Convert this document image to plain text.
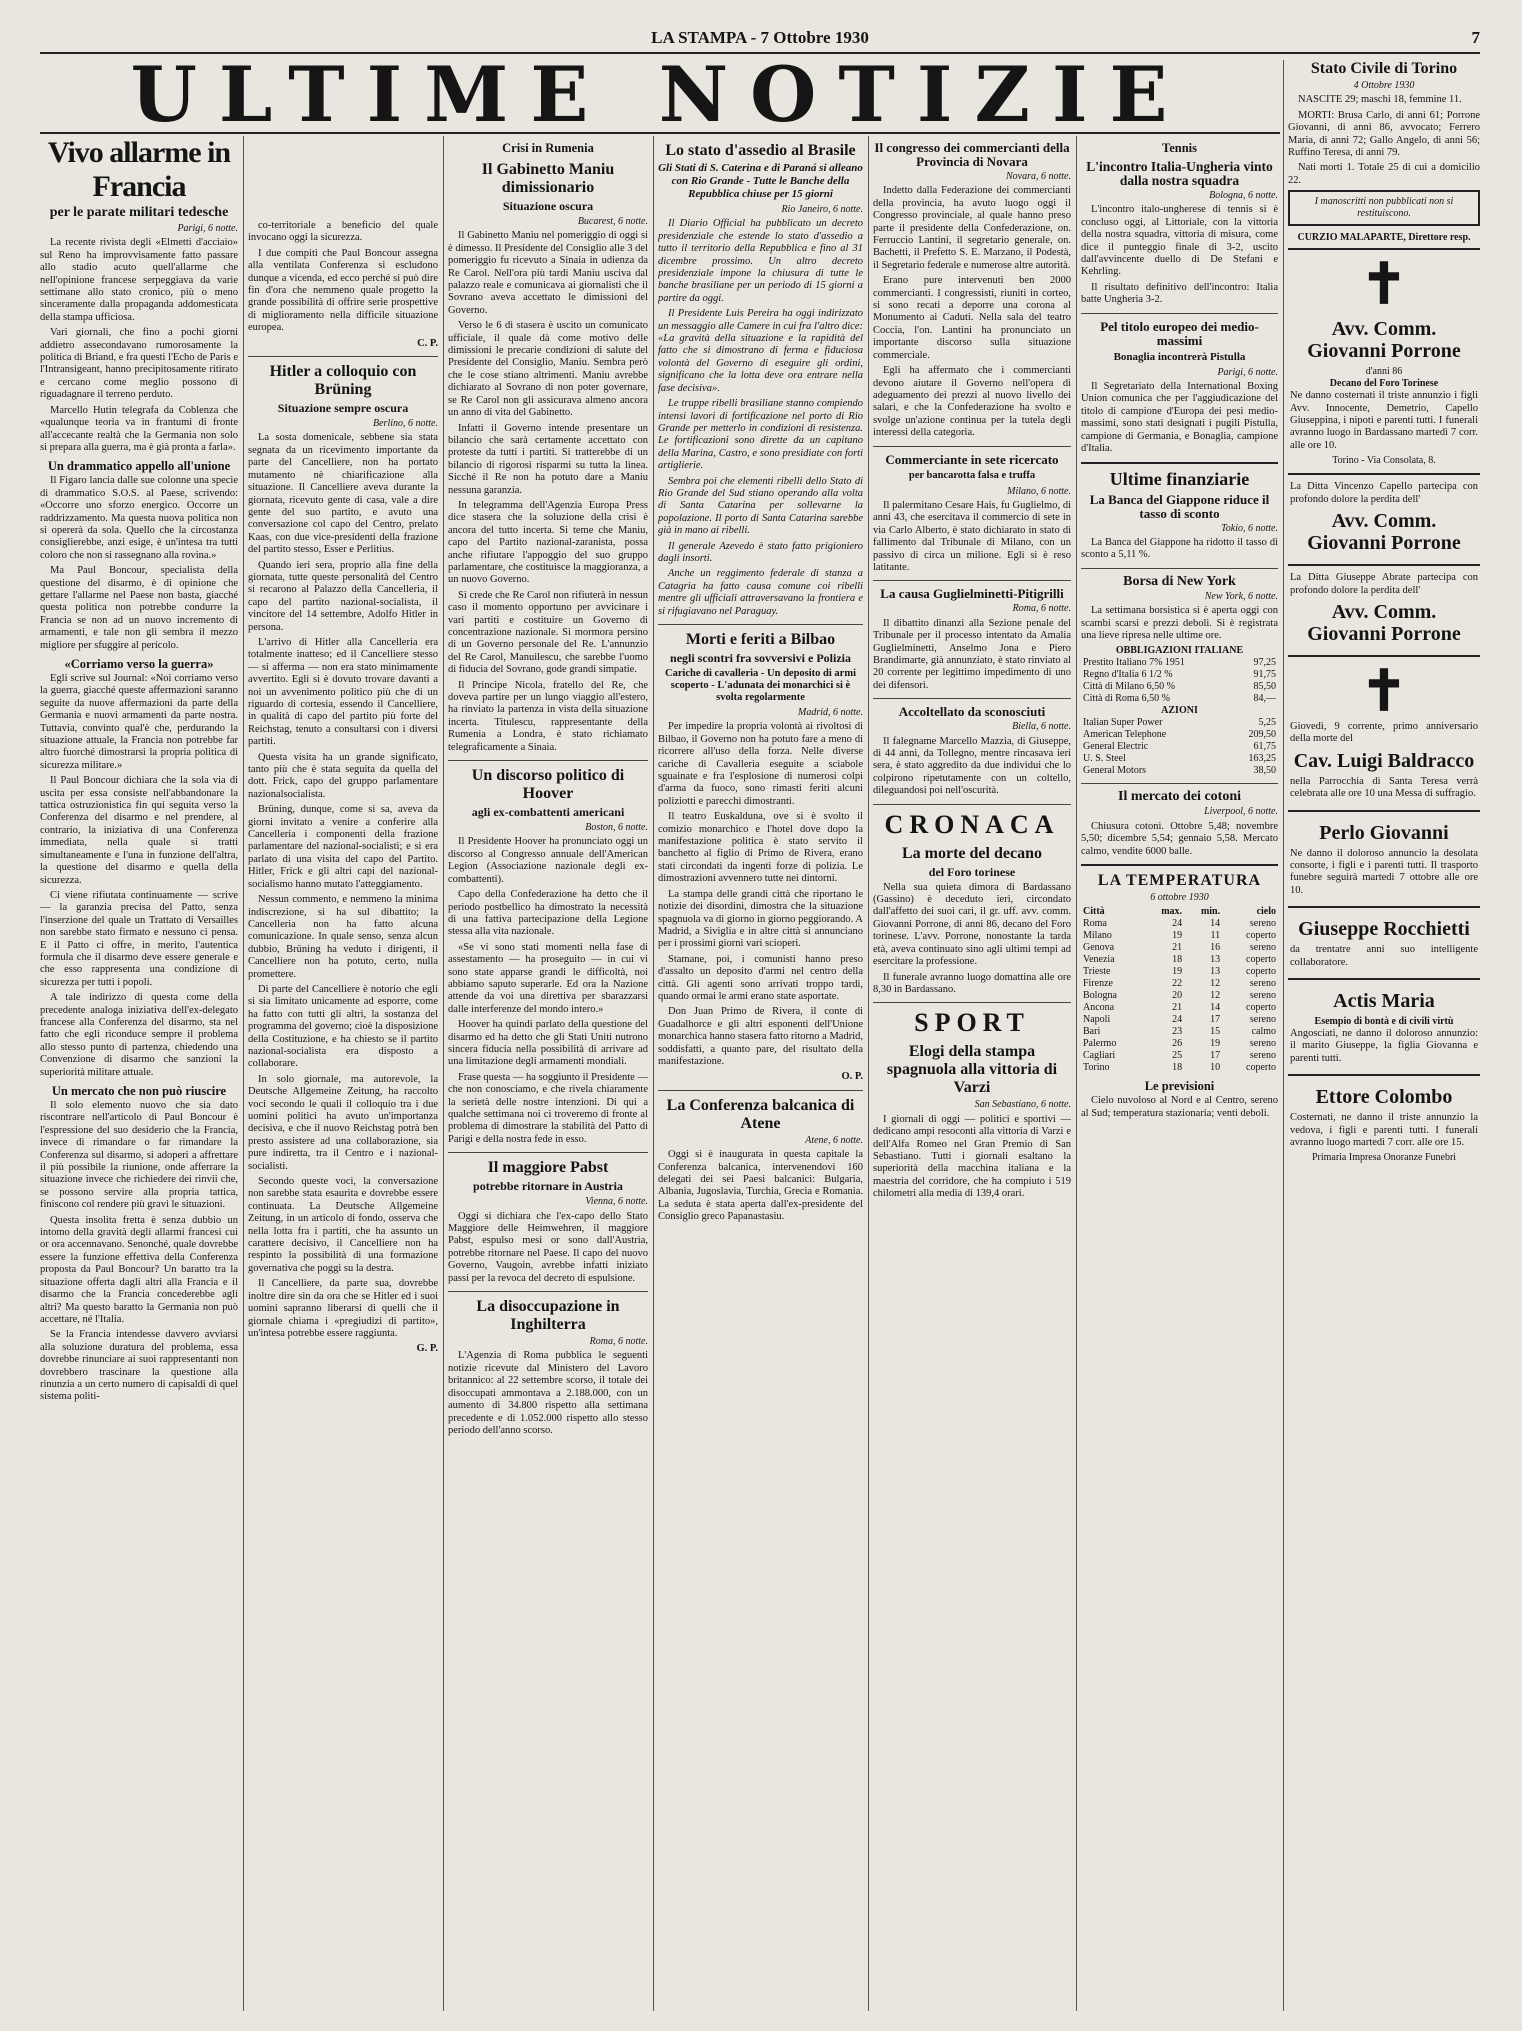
LA STAMPA - 7 Ottobre 1930	7
ULTIME NOTIZIE
Vivo allarme in Francia
per le parate militari tedesche
Parigi, 6 notte.

La recente rivista degli «Elmetti d'acciaio» sul Reno ha improvvisamente fatto passare allo stadio acuto quell'allarme che nell'opinione francese serpeggiava da varie settimane allo stato cronico, più o meno sinceramente dalla propaganda addomesticata della stampa ufficiosa.

Vari giornali, che fino a pochi giorni addietro assecondavano rumorosamente la politica di Briand, e fra questi l'Echo de Paris e l'Intransigeant, hanno precipitosamente ritirato e cercano come meglio possono di riguadagnare il terreno perduto.

Marcello Hutin telegrafa da Coblenza che «qualunque teoria va in frantumi di fronte all'accecante realtà che la Germania non solo si prepara alla guerra, ma è già pronta a farla».

Un drammatico appello all'unione

Il Figaro lancia dalle sue colonne una specie di drammatico S.O.S. al Paese, scrivendo: «Occorre uno sforzo energico. Occorre un raddrizzamento. Ma questa nuova politica non si opererà da sola. Quello che la circostanza consiglierebbe, anzi esige, è un'intesa tra tutti coloro che non si rassegnano alla rovina.»

Ma Paul Boncour, specialista della questione del disarmo, è di opinione che gettare l'allarme nel Paese non basta, giacché questa politica non potrebbe condurre la Francia se non ad un nuovo incremento di armamenti, e tale non gli sembra il mezzo migliore per sfuggire al pericolo.

«Corriamo verso la guerra»

Egli scrive sul Journal: «Noi corriamo verso la guerra, giacché queste affermazioni saranno seguite da nuove affermazioni da parte della Germania e nuovi armamenti da parte nostra. Tuttavia, convinto qual'è che, perdurando la situazione attuale, la Francia non potrebbe far altro fuorché dimostrarsi la propria politica di sicurezza militare.»

Il Paul Boncour dichiara che la sola via di uscita per essa consiste nell'abbandonare la tattica ostruzionistica fin qui seguita verso la Conferenza del disarmo e nel prendere, al contrario, la iniziativa di una Conferenza immediata, nella quale si tratti simultaneamente e l'una in funzione dell'altra, la questione del disarmo e quella della sicurezza.

Ci viene rifiutata continuamente — scrive — la garanzia precisa del Patto, senza l'inserzione del quale un Trattato di Versailles non sarebbe stato firmato e nessuno ci pensa. E il Patto ci offre, in merito, l'autentica formula che il disarmo deve essere generale e che esso rappresenta una condizione di sicurezza per tutti i popoli.

A tale indirizzo di questa come della precedente analoga iniziativa dell'ex-delegato francese alla Conferenza del disarmo, sta nel fatto che egli riconduce sempre il problema allo stesso punto di partenza, chiedendo una Convenzione di disarmo che sanzioni la superiorità militare attuale.

Un mercato che non può riuscire

Il solo elemento nuovo che sia dato riscontrare nell'articolo di Paul Boncour è l'espressione del suo desiderio che la Francia, invece di rimandare o far rimandare la Conferenza sul disarmo, si adoperi a affrettare il più possibile la riunione, onde afferrare la situazione invece che richiedere dei rinvii che, se possono servire alla propria tattica, finiscono col rendere più gravi le situazioni.

Questa insolita fretta è senza dubbio un intomo della gravità degli allarmi francesi cui or ora accennavano. Senonché, quale dovrebbe essere la funzione effettiva della Conferenza proposta da Paul Boncour? Un baratto tra la situazione offerta dagli altri alla Francia e il disarmo che la Francia concederebbe agli altri? Ma questo baratto la Germania non può accettare, né l'Italia.

Se la Francia intendesse davvero avviarsi alla soluzione duratura del problema, essa dovrebbe rinunciare ai suoi rappresentanti non dovrebbero trascinare la questione alla rinunzia a un certo numero di capisaldi di quel sistema politi-

co-territoriale a beneficio del quale invocano oggi la sicurezza.

I due compiti che Paul Boncour assegna alla ventilata Conferenza si escludono dunque a vicenda, ed ecco perché si può dire fin d'ora che nemmeno quale progetto la grande possibilità di offrire serie prospettive di miglioramento nella difficile situazione europea.

C. P.
Hitler a colloquio con Brüning
Situazione sempre oscura
Berlino, 6 notte.

La sosta domenicale, sebbene sia stata segnata da un ricevimento importante da parte del Cancelliere, non ha portato mutamento nè chiarificazione alla situazione. Il Cancelliere aveva durante la giornata, ricevuto gente di casa, vale a dire gente del suo partito, e avuto una conversazione col capo del Centro, prelato Kaas, con due vice-presidenti della frazione del partito stesso, Esser e Perlitius.

Quando ieri sera, proprio alla fine della giornata, tutte queste personalità del Centro si recarono al Palazzo della Cancelleria, il capo del partito nazional-socialista, il vincitore del 14 settembre, Adolfo Hitler in persona.

L'arrivo di Hitler alla Cancelleria era totalmente inatteso; ed il Cancelliere stesso — si afferma — non era stato minimamente avvertito. Egli si è dovuto trovare davanti a noi un avvenimento politico più che di un riguardo di cortesia, essendo il Cancelliere, in qualità di capo del partito più forte del Reichstag, tenuto a consultarsi con i diversi partiti.

Questa visita ha un grande significato, tanto più che è stata seguita da quella del dott. Frick, capo del gruppo parlamentare nazionalsocialista.

Brüning, dunque, come si sa, aveva da giorni invitato a venire a conferire alla Cancelleria i componenti della frazione parlamentare del nazional-socialisti; e si era parlato di una visita del capo del Partito. Hitler, Frick e gli altri capi del nazional-socialismo hanno mutato l'atteggiamento.

Nessun commento, e nemmeno la minima indiscrezione, si ha sul dibattito; la Cancelleria non ha fatto alcuna comunicazione. In quale senso, senza alcun dubbio, Brüning ha veduto i dirigenti, il Cancelliere non ha potuto, certo, nulla promettere.

Di parte del Cancelliere è notorio che egli si sia limitato unicamente ad esporre, come ha fatto con tutti gli altri, la sostanza del programma del governo; cioè la disposizione della Costituzione, e ha chiesto se il partito nazional-socialista era disposto a collaborare.

In solo giornale, ma autorevole, la Deutsche Allgemeine Zeitung, ha raccolto voci secondo le quali il colloquio tra i due uomini politici ha avuto un'importanza decisiva, e che il nuovo Reichstag potrà ben presto assistere ad una collaborazione, sia pure indiretta, tra il Centro e i nazional-socialisti.

Secondo queste voci, la conversazione non sarebbe stata esaurita e dovrebbe essere continuata. La Deutsche Allgemeine Zeitung, in un articolo di fondo, osserva che nella lotta fra i partiti, che ha assunto un carattere decisivo, il Cancelliere non ha respinto la possibilità di una formazione governativa che poggi su la destra.

Il Cancelliere, da parte sua, dovrebbe inoltre dire sin da ora che se Hitler ed i suoi uomini sapranno liberarsi di quelli che il giornale chiama i «pregiudizi di partito», un'intesa potrebbe essere raggiunta.

G. P.
Crisi in Rumenia
Il Gabinetto Maniu dimissionario
Situazione oscura
Bucarest, 6 notte.

Il Gabinetto Maniu nel pomeriggio di oggi si è dimesso. Il Presidente del Consiglio alle 3 del pomeriggio fu ricevuto a Sinaia in udienza da Re Carol. Nell'ora più tardi Maniu usciva dal palazzo reale e comunicava ai giornalisti che il Sovrano aveva accettato le dimissioni del Governo.

Verso le 6 di stasera è uscito un comunicato ufficiale, il quale dà come motivo delle dimissioni le precarie condizioni di salute del Presidente del Consiglio, Maniu. Sembra però che le cose stiano altrimenti. Maniu avrebbe dichiarato al Sovrano di non poter governare, se Re Carol non gli assicurava almeno ancora un anno di vita del Gabinetto.

Infatti il Governo intende presentare un bilancio che sarà certamente accettato con proteste da tutti i partiti. Si tratterebbe di un bilancio di rigorosi risparmi su tutta la linea. Sicché il Re non ha potuto dare a Maniu nessuna garanzia.

In telegramma dell'Agenzia Europa Press dice stasera che la soluzione della crisi è ancora del tutto incerta. Si teme che Maniu, capo del Partito nazional-zaranista, possa anche rifiutare l'appoggio del suo gruppo parlamentare, che costituisce la maggioranza, a un nuovo Governo.

Si crede che Re Carol non rifiuterà in nessun caso il momento opportuno per avvicinare i vari partiti e costituire un Governo di concentrazione nazionale. Si mormora persino di un Governo personale del Re. L'annunzio del Re Carol, Manuilescu, che sarebbe l'uomo di fiducia del Sovrano, gode grandi simpatie.

Il Principe Nicola, fratello del Re, che doveva partire per un lungo viaggio all'estero, ha rinviato la partenza in vista della situazione incerta. Titulescu, rappresentante della Rumenia a Londra, è stato richiamato telegraficamente a Sinaia.

Un discorso politico di Hoover
agli ex-combattenti americani
Boston, 6 notte.

Il Presidente Hoover ha pronunciato oggi un discorso al Congresso annuale dell'American Legion (Associazione nazionale degli ex-combattenti).

Capo della Confederazione ha detto che il periodo postbellico ha dimostrato la necessità di una fattiva partecipazione della Legione stessa alla vita nazionale.

«Se vi sono stati momenti nella fase di assestamento — ha proseguito — in cui vi sono state apparse grandi le difficoltà, noi abbiamo saputo superarle. Ed ora la Nazione attende da voi una direttiva per sbarazzarsi dalle interferenze del mondo intero.»

Hoover ha quindi parlato della questione del disarmo ed ha detto che gli Stati Uniti nutrono sincera fiducia nella possibilità di arrivare ad una limitazione degli armamenti mondiali.

Frase questa — ha soggiunto il Presidente — che non conosciamo, e che rivela chiaramente la serietà delle nostre intenzioni. Di qui a qualche settimana noi ci troveremo di fronte al problema di dimostrare la stabilità del Patto di Parigi e della nostra fede in esso.

Il maggiore Pabst
potrebbe ritornare in Austria
Vienna, 6 notte.

Oggi si dichiara che l'ex-capo dello Stato Maggiore delle Heimwehren, il maggiore Pabst, espulso mesi or sono dall'Austria, potrebbe ritornare nel Paese. Il capo del nuovo Governo, Vaugoin, avrebbe infatti iniziato passi per la revoca del decreto di espulsione.

La disoccupazione in Inghilterra
Roma, 6 notte.

L'Agenzia di Roma pubblica le seguenti notizie ricevute dal Ministero del Lavoro britannico: al 22 settembre scorso, il totale dei disoccupati ammontava a 2.188.000, con un aumento di 34.800 rispetto alla settimana precedente e di 1.052.000 rispetto allo stesso periodo dell'anno scorso.

Lo stato d'assedio al Brasile
Gli Stati di S. Caterina e di Paraná si alleano con Rio Grande - Tutte le Banche della Repubblica chiuse per 15 giorni
Rio Janeiro, 6 notte.

Il Diario Official ha pubblicato un decreto presidenziale che estende lo stato d'assedio a tutto il territorio della Repubblica e fino al 31 dicembre prossimo. Un altro decreto presidenziale impone la chiusura di tutte le banche brasiliane per un periodo di 15 giorni a partire da oggi.

Il Presidente Luis Pereira ha oggi indirizzato un messaggio alle Camere in cui fra l'altro dice: «La gravità della situazione e la rapidità del fatto che si dimostrano di ferma e fiduciosa volontà del Governo di eseguire gli ordini, significano che la lotta deve ora entrare nella fase decisiva».

Le truppe ribelli brasiliane stanno compiendo intensi lavori di fortificazione nel porto di Rio Grande per metterlo in condizioni di resistenza. Le fortificazioni sono dirette da un capitano della Marina, Castro, e sono presidiate con forti artiglierie.

Sembra poi che elementi ribelli dello Stato di Rio Grande del Sud stiano operando alla volta di Santa Catarina per sollevarne la popolazione. Il porto di Santa Catarina sarebbe già in mano ai ribelli.

Il generale Azevedo è stato fatto prigioniero dagli insorti.

Anche un reggimento federale di stanza a Catagria ha fatto causa comune coi ribelli mentre gli ufficiali attraversavano la frontiera e si rifugiavano nel Paraguay.

Morti e feriti a Bilbao
negli scontri fra sovversivi e Polizia
Cariche di cavalleria - Un deposito di armi scoperto - L'adunata dei monarchici si è svolta regolarmente
Madrid, 6 notte.

Per impedire la propria volontà ai rivoltosi di Bilbao, il Governo non ha potuto fare a meno di ricorrere all'uso della forza. Nelle diverse cariche di Cavalleria eseguite a sciabole sguainate e fra l'esplosione di numerosi colpi d'arma da fuoco, sono rimasti feriti alcuni poliziotti e parecchi dimostranti.

Il teatro Euskalduna, ove si è svolto il comizio monarchico e l'hotel dove dopo la manifestazione politica è stato servito il banchetto al figlio di Primo de Rivera, erano stati circondati da ingenti forze di polizia. Le dimostrazioni avvennero tutte nei dintorni.

La stampa delle grandi città che riportano le notizie dei disordini, dimostra che la situazione spagnuola va di giorno in giorno peggiorando. A Madrid, a Siviglia e in altre città si annunciano per i prossimi giorni vari scioperi.

Stamane, poi, i comunisti hanno preso d'assalto un deposito d'armi nel centro della città. Gli agenti sono arrivati troppo tardi, quando ormai le armi erano state asportate.

Don Juan Primo de Rivera, il conte di Guadalhorce e gli altri esponenti dell'Unione monarchica hanno stasera fatto ritorno a Madrid, soddisfatti, a quanto pare, del risultato della manifestazione.

O. P.
La Conferenza balcanica di Atene
Atene, 6 notte.

Oggi si è inaugurata in questa capitale la Conferenza balcanica, intervenendovi 160 delegati dei sei Paesi balcanici: Bulgaria, Albania, Jugoslavia, Turchia, Grecia e Romania. La seduta è stata aperta dall'ex-presidente del Consiglio greco Papanastasiu.

Il congresso dei commercianti della Provincia di Novara
Novara, 6 notte.

Indetto dalla Federazione dei commercianti della provincia, ha avuto luogo oggi il Congresso provinciale, al quale hanno preso parte il presidente della Confederazione, on. Ferruccio Lantini, il segretario generale, on. Bachetti, il Prefetto S. E. Marzano, il Podestà, il Segretario federale e numerose altre autorità.

Erano pure intervenuti ben 2000 commercianti. I congressisti, riuniti in corteo, si sono recati a deporre una corona al Monumento ai Caduti. Nella sala del teatro Coccia, l'on. Lantini ha pronunciato un importante discorso sulla situazione commerciale.

Egli ha affermato che i commercianti devono aiutare il Governo nell'opera di adeguamento dei prezzi al nuovo livello dei salari, e che la Confederazione ha svolto e svolge un'azione continua per la tutela degli interessi della categoria.

Commerciante in sete ricercato
per bancarotta falsa e truffa
Milano, 6 notte.

Il palermitano Cesare Hais, fu Guglielmo, di anni 43, che esercitava il commercio di sete in via Carlo Alberto, è stato dichiarato in stato di fallimento dal Tribunale di Milano, con un passivo di circa un milione. Egli si è reso latitante.

La causa Guglielminetti-Pitigrilli
Roma, 6 notte.

Il dibattito dinanzi alla Sezione penale del Tribunale per il processo intentato da Amalia Guglielminetti, Anselmo Jona e Piero Brandimarte, già annunziato, è stato rinviato al 20 corrente per legittimo impedimento di uno dei difensori.

Accoltellato da sconosciuti
Biella, 6 notte.

Il falegname Marcello Mazzia, di Giuseppe, di 44 anni, da Tollegno, mentre rincasava ieri sera, è stato aggredito da due individui che lo colpirono ripetutamente con un coltello, dileguandosi poi nell'oscurità.

CRONACA
La morte del decano
del Foro torinese

Nella sua quieta dimora di Bardassano (Gassino) è deceduto ieri, circondato dall'affetto dei suoi cari, il gr. uff. avv. comm. Giovanni Porrone, di anni 86, decano del Foro torinese. L'avv. Porrone, nonostante la tarda età, aveva continuato sino agli ultimi tempi ad esercitare la professione.

Il funerale avranno luogo domattina alle ore 8,30 in Bardassano.

SPORT
Elogi della stampa spagnuola alla vittoria di Varzi
San Sebastiano, 6 notte.

I giornali di oggi — politici e sportivi — dedicano ampi resoconti alla vittoria di Varzi e dell'Alfa Romeo nel Gran Premio di San Sebastiano. Tutti i giornali esaltano la superiorità della macchina italiana e la maestria del corridore, che ha compiuto i 519 chilometri alla media di 139,4 orari.

Tennis
L'incontro Italia-Ungheria vinto dalla nostra squadra
Bologna, 6 notte.

L'incontro italo-ungherese di tennis si è concluso oggi, al Littoriale, con la vittoria della nostra squadra, vittoria di misura, come dice il punteggio finale di 3-2, uscito dall'avvincente duello di De Stefani e Kehrling.

Il risultato definitivo dell'incontro: Italia batte Ungheria 3-2.

Pel titolo europeo dei medio-massimi
Bonaglia incontrerà Pistulla
Parigi, 6 notte.

Il Segretariato della International Boxing Union comunica che per l'aggiudicazione del titolo di campione d'Europa dei pesi medio-massimi, sono stati designati i pugili Pistulla, campione di Germania, e Bonaglia, campione d'Italia.

Ultime finanziarie
La Banca del Giappone riduce il tasso di sconto
Tokio, 6 notte.

La Banca del Giappone ha ridotto il tasso di sconto a 5,11 %.

Borsa di New York
New York, 6 notte.

La settimana borsistica si è aperta oggi con scambi scarsi e prezzi deboli. Si è registrata una lieve ripresa nelle ultime ore.

OBBLIGAZIONI ITALIANE
Prestito Italiano 7% 1951	97,25
Regno d'Italia 6 1/2 %	91,75
Città di Milano 6,50 %	85,50
Città di Roma 6,50 %	84,—
AZIONI
Italian Super Power	5,25
American Telephone	209,50
General Electric	61,75
U. S. Steel	163,25
General Motors	38,50
Il mercato dei cotoni
Liverpool, 6 notte.

Chiusura cotoni. Ottobre 5,48; novembre 5,50; dicembre 5,54; gennaio 5,58. Mercato calmo, vendite 6000 balle.

LA TEMPERATURA
6 ottobre 1930
Città	max.	min.	cielo
Roma	24	14	sereno
Milano	19	11	coperto
Genova	21	16	sereno
Venezia	18	13	coperto
Trieste	19	13	coperto
Firenze	22	12	sereno
Bologna	20	12	sereno
Ancona	21	14	coperto
Napoli	24	17	sereno
Bari	23	15	calmo
Palermo	26	19	sereno
Cagliari	25	17	sereno
Torino	18	10	coperto
Le previsioni

Cielo nuvoloso al Nord e al Centro, sereno al Sud; temperatura stazionaria; venti deboli.

Stato Civile di Torino
4 Ottobre 1930

NASCITE 29; maschi 18, femmine 11.

MORTI: Brusa Carlo, di anni 61; Porrone Giovanni, di anni 86, avvocato; Ferrero Maria, di anni 72; Gallo Angelo, di anni 56; Ruffino Teresa, di anni 79.

Nati morti 1. Totale 25 di cui a domicilio 22.

I manoscritti non pubblicati non si restituiscono.
CURZIO MALAPARTE, Direttore resp.
✝
Avv. Comm. Giovanni Porrone
d'anni 86
Decano del Foro Torinese

Ne danno costernati il triste annunzio i figli Avv. Innocente, Demetrio, Capello Giuseppina, i nipoti e parenti tutti. I funerali avranno luogo in Bardassano martedì 7 corr. alle ore 10.

Torino - Via Consolata, 8.

La Ditta Vincenzo Capello partecipa con profondo dolore la perdita dell'

Avv. Comm. Giovanni Porrone

La Ditta Giuseppe Abrate partecipa con profondo dolore la perdita dell'

Avv. Comm. Giovanni Porrone
✝

Giovedì, 9 corrente, primo anniversario della morte del

Cav. Luigi Baldracco

nella Parrocchia di Santa Teresa verrà celebrata alle ore 10 una Messa di suffragio.

Perlo Giovanni

Ne danno il doloroso annuncio la desolata consorte, i figli e i parenti tutti. Il trasporto funebre seguirà martedì 7 ottobre alle ore 10.

Giuseppe Rocchietti

da trentatre anni suo intelligente collaboratore.

Actis Maria
Esempio di bontà e di civili virtù

Angosciati, ne danno il doloroso annunzio: il marito Giuseppe, la figlia Giovanna e parenti tutti.

Ettore Colombo

Costernati, ne danno il triste annunzio la vedova, i figli e parenti tutti. I funerali avranno luogo martedì 7 corr. alle ore 15.

Primaria Impresa Onoranze Funebri
